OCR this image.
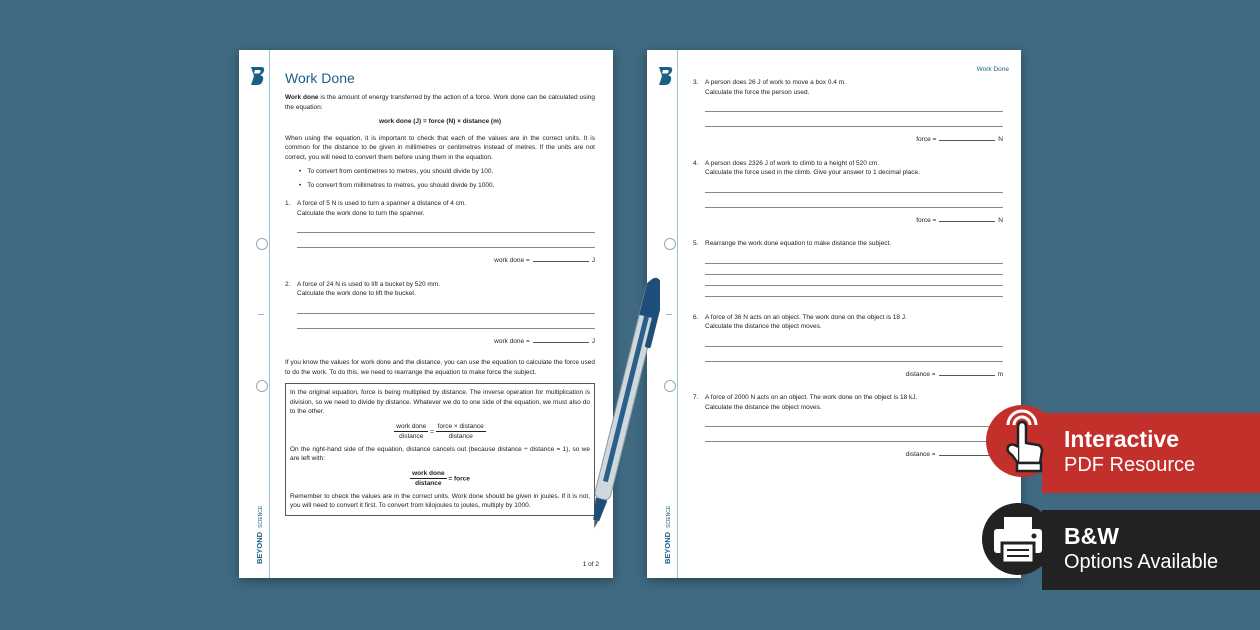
BEYOND
SCIENCE
Work Done
Work done is the amount of energy transferred by the action of a force. Work done can be calculated using the equation:
work done (J) = force (N) × distance (m)
When using the equation, it is important to check that each of the values are in the correct units. It is common for the distance to be given in millimetres or centimetres instead of metres. If the units are not correct, you will need to convert them before using them in the equation.
• To convert from centimetres to metres, you should divide by 100.
• To convert from millimetres to metres, you should divide by 1000.
1. A force of 5 N is used to turn a spanner a distance of 4 cm.
Calculate the work done to turn the spanner.
work done =	J
2. A force of 24 N is used to lift a bucket by 520 mm.
Calculate the work done to lift the bucket.
work done =	J
If you know the values for work done and the distance, you can use the equation to calculate the force used to do the work. To do this, we need to rearrange the equation to make force the subject.
In the original equation, force is being multiplied by distance. The inverse operation for multiplication is division, so we need to divide by distance. Whatever we do to one side of the equation, we must also do to the other.
$\frac{\text{work done}}{\text{distance}} = \frac{\text{force × distance}}{\text{distance}}$
On the right-hand side of the equation, distance cancels out (because distance ÷ distance = 1), so we are left with:
$\frac{\text{work done}}{\text{distance}}$ = force
Remember to check the values are in the correct units. Work done should be given in joules. If it is not, you will need to convert it first. To convert from kilojoules to joules, multiply by 1000.
1 of 2
BEYOND
SCIENCE
Work Done
3. A person does 26 J of work to move a box 0.4 m.
Calculate the force the person used.
force =	N
4. A person does 2326 J of work to climb to a height of 520 cm.
Calculate the force used in the climb. Give your answer to 1 decimal place.
force =	N
5. Rearrange the work done equation to make distance the subject.
6. A force of 36 N acts on an object. The work done on the object is 18 J.
Calculate the distance the object moves.
distance =	m
7. A force of 2000 N acts on an object. The work done on the object is 18 kJ.
Calculate the distance the object moves.
distance =
Interactive
PDF Resource
B&W
Options Available
